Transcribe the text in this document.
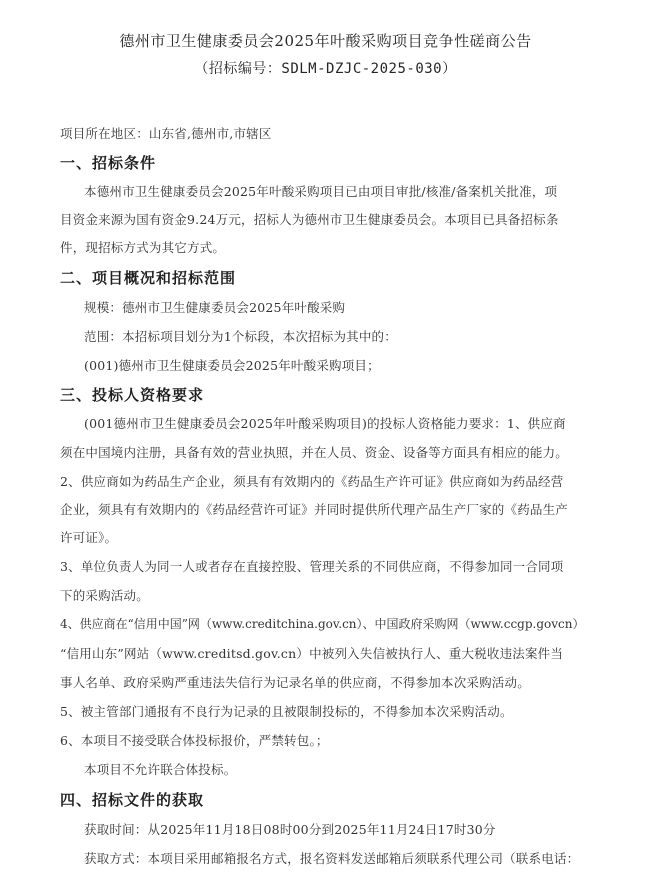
德州市卫生健康委员会2025年叶酸采购项目竞争性磋商公告
（招标编号：SDLM-DZJC-2025-030）
项目所在地区：山东省,德州市,市辖区
一、招标条件
本德州市卫生健康委员会2025年叶酸采购项目已由项目审批/核准/备案机关批准，项
目资金来源为国有资金9.24万元，招标人为德州市卫生健康委员会。本项目已具备招标条
件，现招标方式为其它方式。
二、项目概况和招标范围
规模：德州市卫生健康委员会2025年叶酸采购
范围：本招标项目划分为1个标段，本次招标为其中的：
(001)德州市卫生健康委员会2025年叶酸采购项目；
三、投标人资格要求
(001德州市卫生健康委员会2025年叶酸采购项目)的投标人资格能力要求：1、供应商
须在中国境内注册，具备有效的营业执照，并在人员、资金、设备等方面具有相应的能力。
2、供应商如为药品生产企业，须具有有效期内的《药品生产许可证》供应商如为药品经营
企业，须具有有效期内的《药品经营许可证》并同时提供所代理产品生产厂家的《药品生产
许可证》。
3、单位负责人为同一人或者存在直接控股、管理关系的不同供应商，不得参加同一合同项
下的采购活动。
4、供应商在“信用中国”网（www.creditchina.gov.cn）、中国政府采购网（www.ccgp.govcn）
“信用山东”网站（www.creditsd.gov.cn）中被列入失信被执行人、重大税收违法案件当
事人名单、政府采购严重违法失信行为记录名单的供应商，不得参加本次采购活动。
5、被主管部门通报有不良行为记录的且被限制投标的，不得参加本次采购活动。
6、本项目不接受联合体投标报价，严禁转包。；
本项目不允许联合体投标。
四、招标文件的获取
获取时间：从2025年11月18日08时00分到2025年11月24日17时30分
获取方式：本项目采用邮箱报名方式，报名资料发送邮箱后须联系代理公司（联系电话：
